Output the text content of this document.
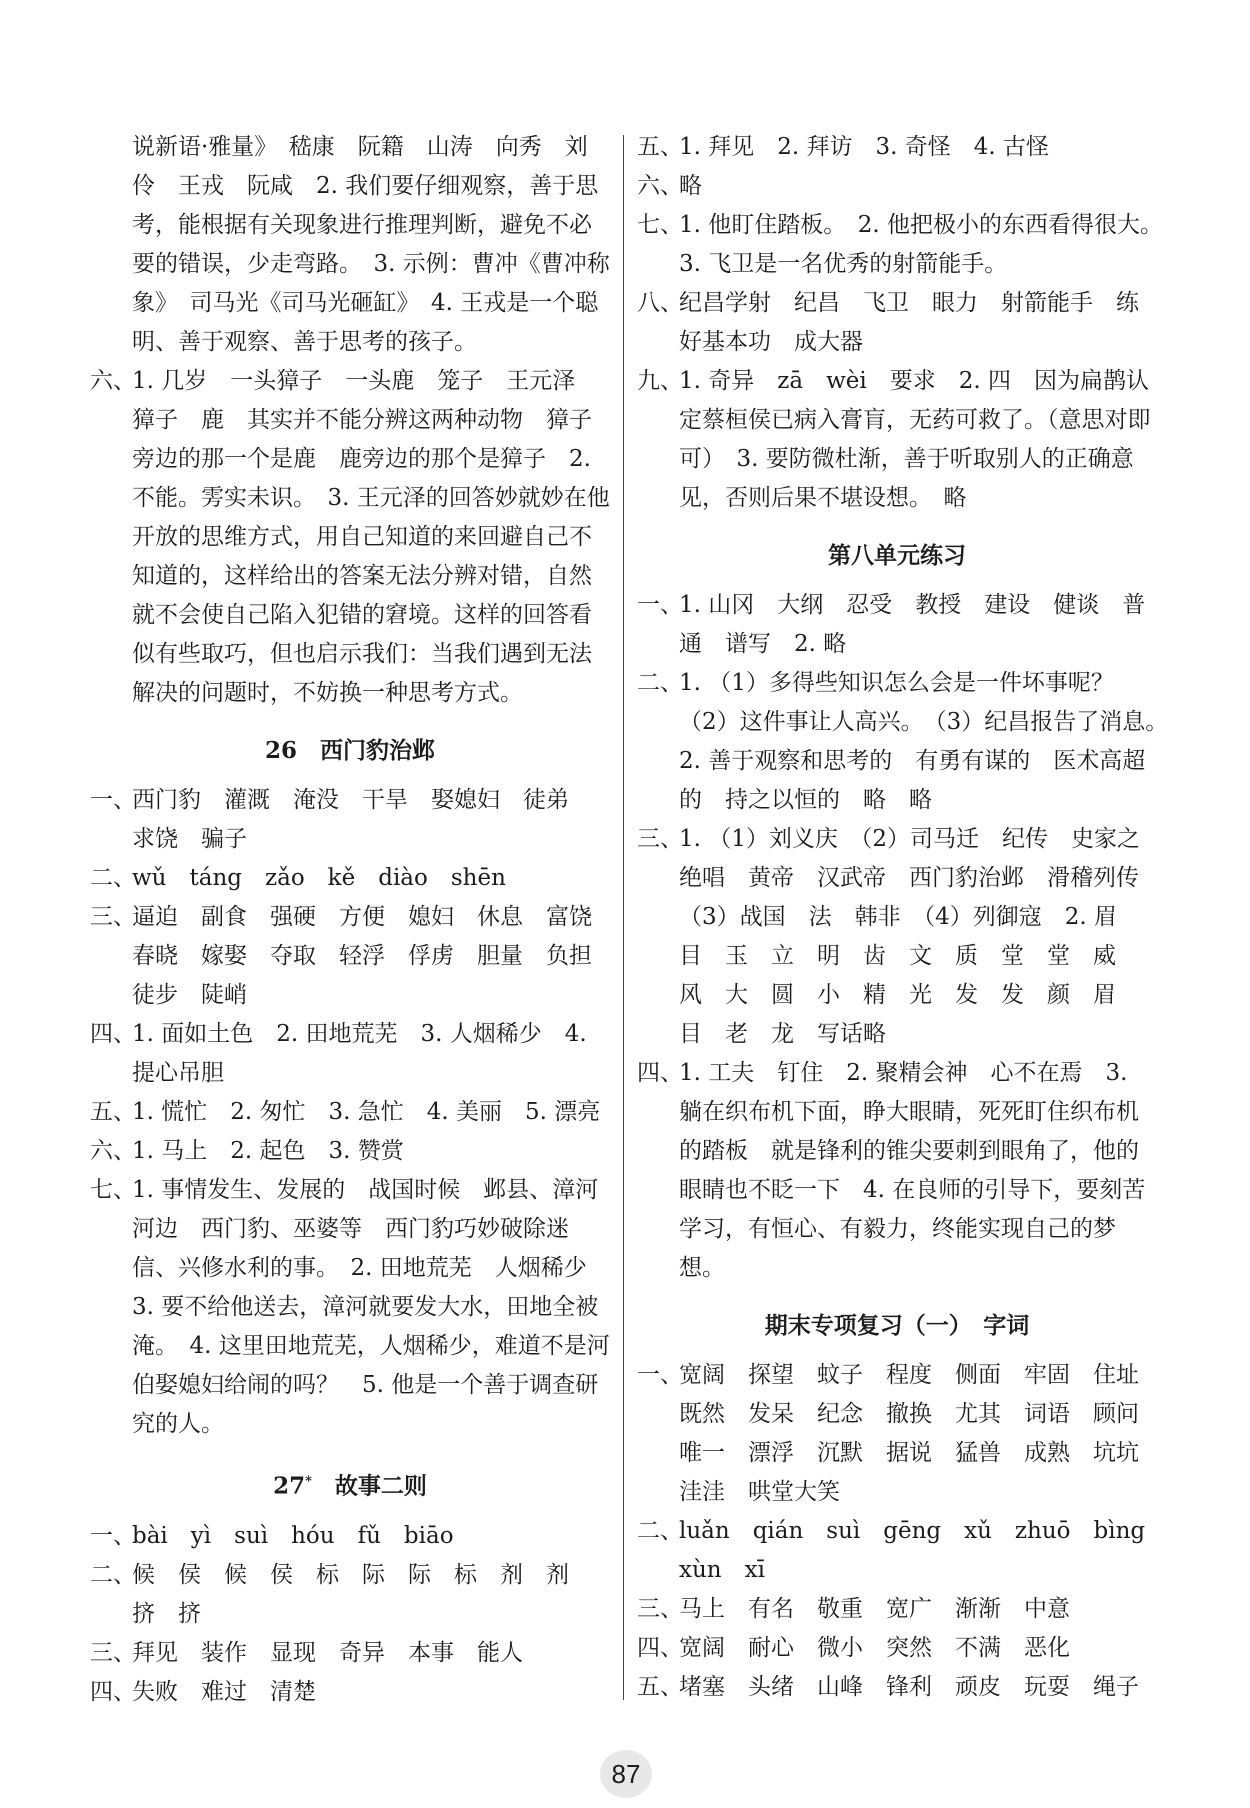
说新语·雅量》　嵇康　阮籍　山涛　向秀　刘伶　王戎　阮咸　2. 我们要仔细观察，善于思考，能根据有关现象进行推理判断，避免不必要的错误，少走弯路。　3. 示例：曹冲《曹冲称象》　司马光《司马光砸缸》　4. 王戎是一个聪明、善于观察、善于思考的孩子。
六、
1. 几岁　一头獐子　一头鹿　笼子　王元泽　獐子　鹿　其实并不能分辨这两种动物　獐子旁边的那一个是鹿　鹿旁边的那个是獐子　2. 不能。雱实未识。　3. 王元泽的回答妙就妙在他开放的思维方式，用自己知道的来回避自己不知道的，这样给出的答案无法分辨对错，自然就不会使自己陷入犯错的窘境。这样的回答看似有些取巧，但也启示我们：当我们遇到无法解决的问题时，不妨换一种思考方式。
26　西门豹治邺
一、
西门豹　灌溉　淹没　干旱　娶媳妇　徒弟　求饶　骗子
二、
wǔ　táng　zǎo　kě　diào　shēn
三、
逼迫　副食　强硬　方便　媳妇　休息　富饶　春晓　嫁娶　夺取　轻浮　俘虏　胆量　负担　徒步　陡峭
四、
1. 面如土色　2. 田地荒芜　3. 人烟稀少　4. 提心吊胆
五、
1. 慌忙　2. 匆忙　3. 急忙　4. 美丽　5. 漂亮
六、
1. 马上　2. 起色　3. 赞赏
七、
1. 事情发生、发展的　战国时候　邺县、漳河河边　西门豹、巫婆等　西门豹巧妙破除迷信、兴修水利的事。　2. 田地荒芜　人烟稀少　3. 要不给他送去，漳河就要发大水，田地全被淹。　4. 这里田地荒芜，人烟稀少，难道不是河伯娶媳妇给闹的吗？　5. 他是一个善于调查研究的人。
27*　故事二则
一、
bài　yì　suì　hóu　fǔ　biāo
二、
候　侯　候　侯　标　际　际　标　剂　剂　挤　挤
三、
拜见　装作　显现　奇异　本事　能人
四、
失败　难过　清楚
五、
1. 拜见　2. 拜访　3. 奇怪　4. 古怪
六、
略
七、
1. 他盯住踏板。　2. 他把极小的东西看得很大。　3. 飞卫是一名优秀的射箭能手。
八、
纪昌学射　纪昌　飞卫　眼力　射箭能手　练好基本功　成大器
九、
1. 奇异　zā　wèi　要求　2. 四　因为扁鹊认定蔡桓侯已病入膏肓，无药可救了。（意思对即可）　3. 要防微杜渐，善于听取别人的正确意见，否则后果不堪设想。　略
第八单元练习
一、
1. 山冈　大纲　忍受　教授　建设　健谈　普通　谱写　2. 略
二、
1. （1）多得些知识怎么会是一件坏事呢？（2）这件事让人高兴。　（3）纪昌报告了消息。　2. 善于观察和思考的　有勇有谋的　医术高超的　持之以恒的　略　略
三、
1. （1）刘义庆　（2）司马迁　纪传　史家之绝唱　黄帝　汉武帝　西门豹治邺　滑稽列传　（3）战国　法　韩非　（4）列御寇　2. 眉　目　玉　立　明　齿　文　质　堂　堂　威　风　大　圆　小　精　光　发　发　颜　眉　目　老　龙　写话略
四、
1. 工夫　钉住　2. 聚精会神　心不在焉　3. 躺在织布机下面，睁大眼睛，死死盯住织布机的踏板　就是锋利的锥尖要刺到眼角了，他的眼睛也不眨一下　4. 在良师的引导下，要刻苦学习，有恒心、有毅力，终能实现自己的梦想。
期末专项复习（一）　字词
一、
宽阔　探望　蚊子　程度　侧面　牢固　住址　既然　发呆　纪念　撤换　尤其　词语　顾问　唯一　漂浮　沉默　据说　猛兽　成熟　坑坑洼洼　哄堂大笑
二、
luǎn　qián　suì　gēng　xǔ　zhuō　bìng　xùn　xī
三、
马上　有名　敬重　宽广　渐渐　中意
四、
宽阔　耐心　微小　突然　不满　恶化
五、
堵塞　头绪　山峰　锋利　顽皮　玩耍　绳子
87
